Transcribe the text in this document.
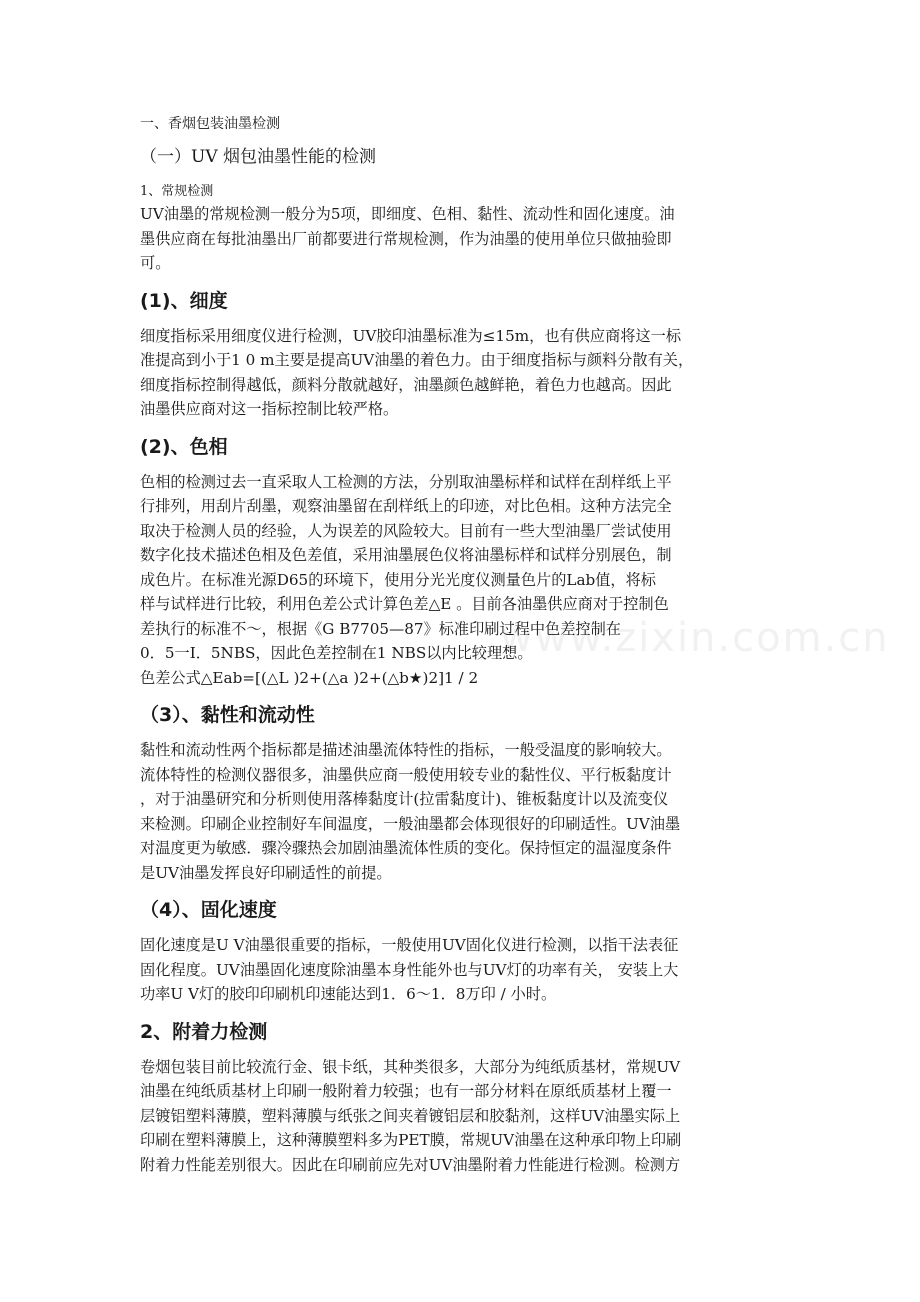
www.zixin.com.cn
一、香烟包装油墨检测
（一）UV 烟包油墨性能的检测
1、常规检测
UV油墨的常规检测一般分为5项，即细度、色相、黏性、流动性和固化速度。油
墨供应商在每批油墨出厂前都要进行常规检测，作为油墨的使用单位只做抽验即
可。
(1)、细度
细度指标采用细度仪进行检测，UV胶印油墨标准为≤15m，也有供应商将这一标
准提高到小于1 0 m主要是提高UV油墨的着色力。由于细度指标与颜料分散有关，
细度指标控制得越低，颜料分散就越好，油墨颜色越鲜艳，着色力也越高。因此
油墨供应商对这一指标控制比较严格。
(2)、色相
色相的检测过去一直采取人工检测的方法，分别取油墨标样和试样在刮样纸上平
行排列，用刮片刮墨，观察油墨留在刮样纸上的印迹，对比色相。这种方法完全
取决于检测人员的经验，人为误差的风险较大。目前有一些大型油墨厂尝试使用
数字化技术描述色相及色差值，采用油墨展色仪将油墨标样和试样分别展色，制
成色片。在标准光源D65的环境下，使用分光光度仪测量色片的Lab值，将标
样与试样进行比较，利用色差公式计算色差△E 。目前各油墨供应商对于控制色
差执行的标准不～，根据《G B7705—87》标准印刷过程中色差控制在
0．5一I．5NBS，因此色差控制在1 NBS以内比较理想。
色差公式△Eab=[(△L )2+(△a )2+(△b★)2]1 / 2
（3）、黏性和流动性
黏性和流动性两个指标都是描述油墨流体特性的指标，一般受温度的影响较大。
流体特性的检测仪器很多，油墨供应商一般使用较专业的黏性仪、平行板黏度计
，对于油墨研究和分析则使用落棒黏度计(拉雷黏度计)、锥板黏度计以及流变仪
来检测。印刷企业控制好车间温度，一般油墨都会体现很好的印刷适性。UV油墨
对温度更为敏感．骤冷骤热会加剧油墨流体性质的变化。保持恒定的温湿度条件
是UV油墨发挥良好印刷适性的前提。
（4）、固化速度
固化速度是U V油墨很重要的指标，一般使用UV固化仪进行检测，以指干法表征
固化程度。UV油墨固化速度除油墨本身性能外也与UV灯的功率有关， 安装上大
功率U V灯的胶印印刷机印速能达到1．6～1．8万印 / 小时。
2、附着力检测
卷烟包装目前比较流行金、银卡纸，其种类很多，大部分为纯纸质基材，常规UV
油墨在纯纸质基材上印刷一般附着力较强；也有一部分材料在原纸质基材上覆一
层镀铝塑料薄膜，塑料薄膜与纸张之间夹着镀铝层和胶黏剂，这样UV油墨实际上
印刷在塑料薄膜上，这种薄膜塑料多为PET膜，常规UV油墨在这种承印物上印刷
附着力性能差别很大。因此在印刷前应先对UV油墨附着力性能进行检测。检测方
